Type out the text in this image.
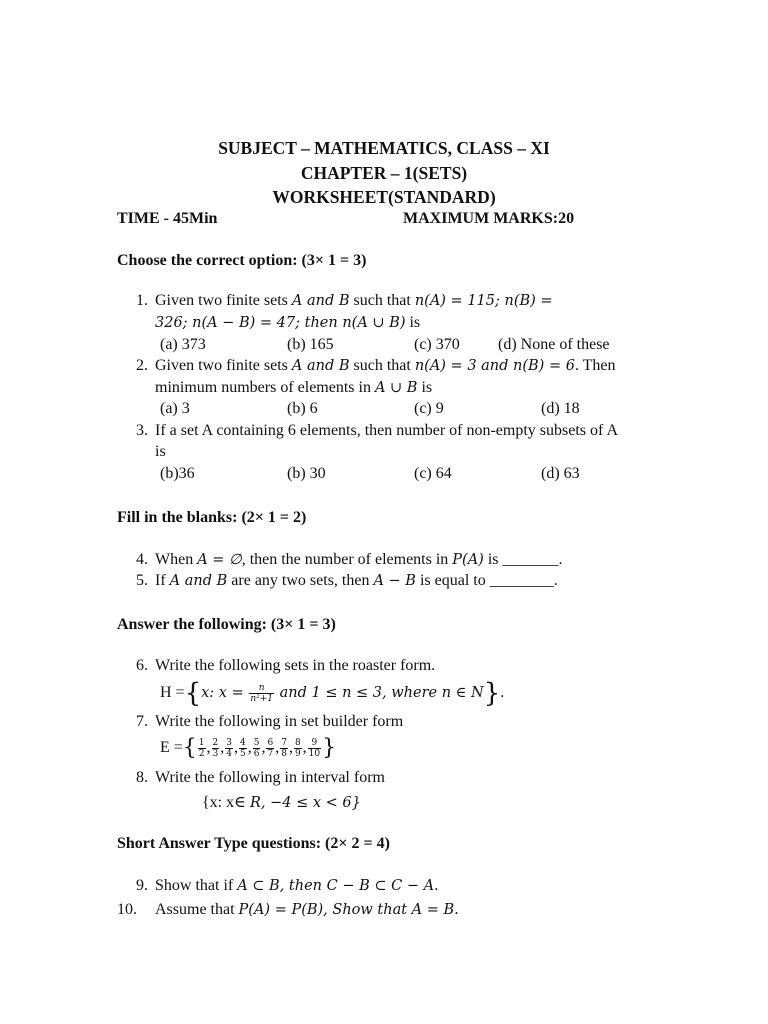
SUBJECT – MATHEMATICS, CLASS – XI
CHAPTER – 1(SETS)
WORKSHEET(STANDARD)
TIME - 45Min	MAXIMUM MARKS:20
Choose the correct option: (3× 1 = 3)
1. Given two finite sets A and B such that n(A) = 115; n(B) =
326; n(A − B) = 47; then n(A ∪ B) is
(a) 373	(b) 165	(c) 370 (d) None of these
2. Given two finite sets A and B such that n(A) = 3 and n(B) = 6. Then
minimum numbers of elements in A ∪ B is
(a) 3	(b) 6	(c) 9	(d) 18
3. If a set A containing 6 elements, then number of non-empty subsets of A
is
(b)36	(b) 30	(c) 64	(d) 63
Fill in the blanks: (2× 1 = 2)
4. When A = ∅, then the number of elements in P(A) is _______.
5. If A and B are any two sets, then A − B is equal to ________.
Answer the following: (3× 1 = 3)
6. Write the following sets in the roaster form.
H ={x: $x = \frac{n}{\text{n²+1}}$ and 1 ≤ n ≤ 3, where n ∈ N}.
7. Write the following in set builder form
E ={ $\frac{1}{2}$ , $\frac{2}{3}$ , $\frac{3}{4}$ , $\frac{4}{5}$ , $\frac{5}{6}$ , $\frac{6}{7}$ , $\frac{7}{8}$ , $\frac{8}{9}$ , $\frac{9}{10}$ }
8. Write the following in interval form
{x: x∈ R, −4 ≤ x < 6}
Short Answer Type questions: (2× 2 = 4)
9. Show that if A ⊂ B, then C − B ⊂ C − A.
10. Assume that P(A) = P(B), Show that A = B.
